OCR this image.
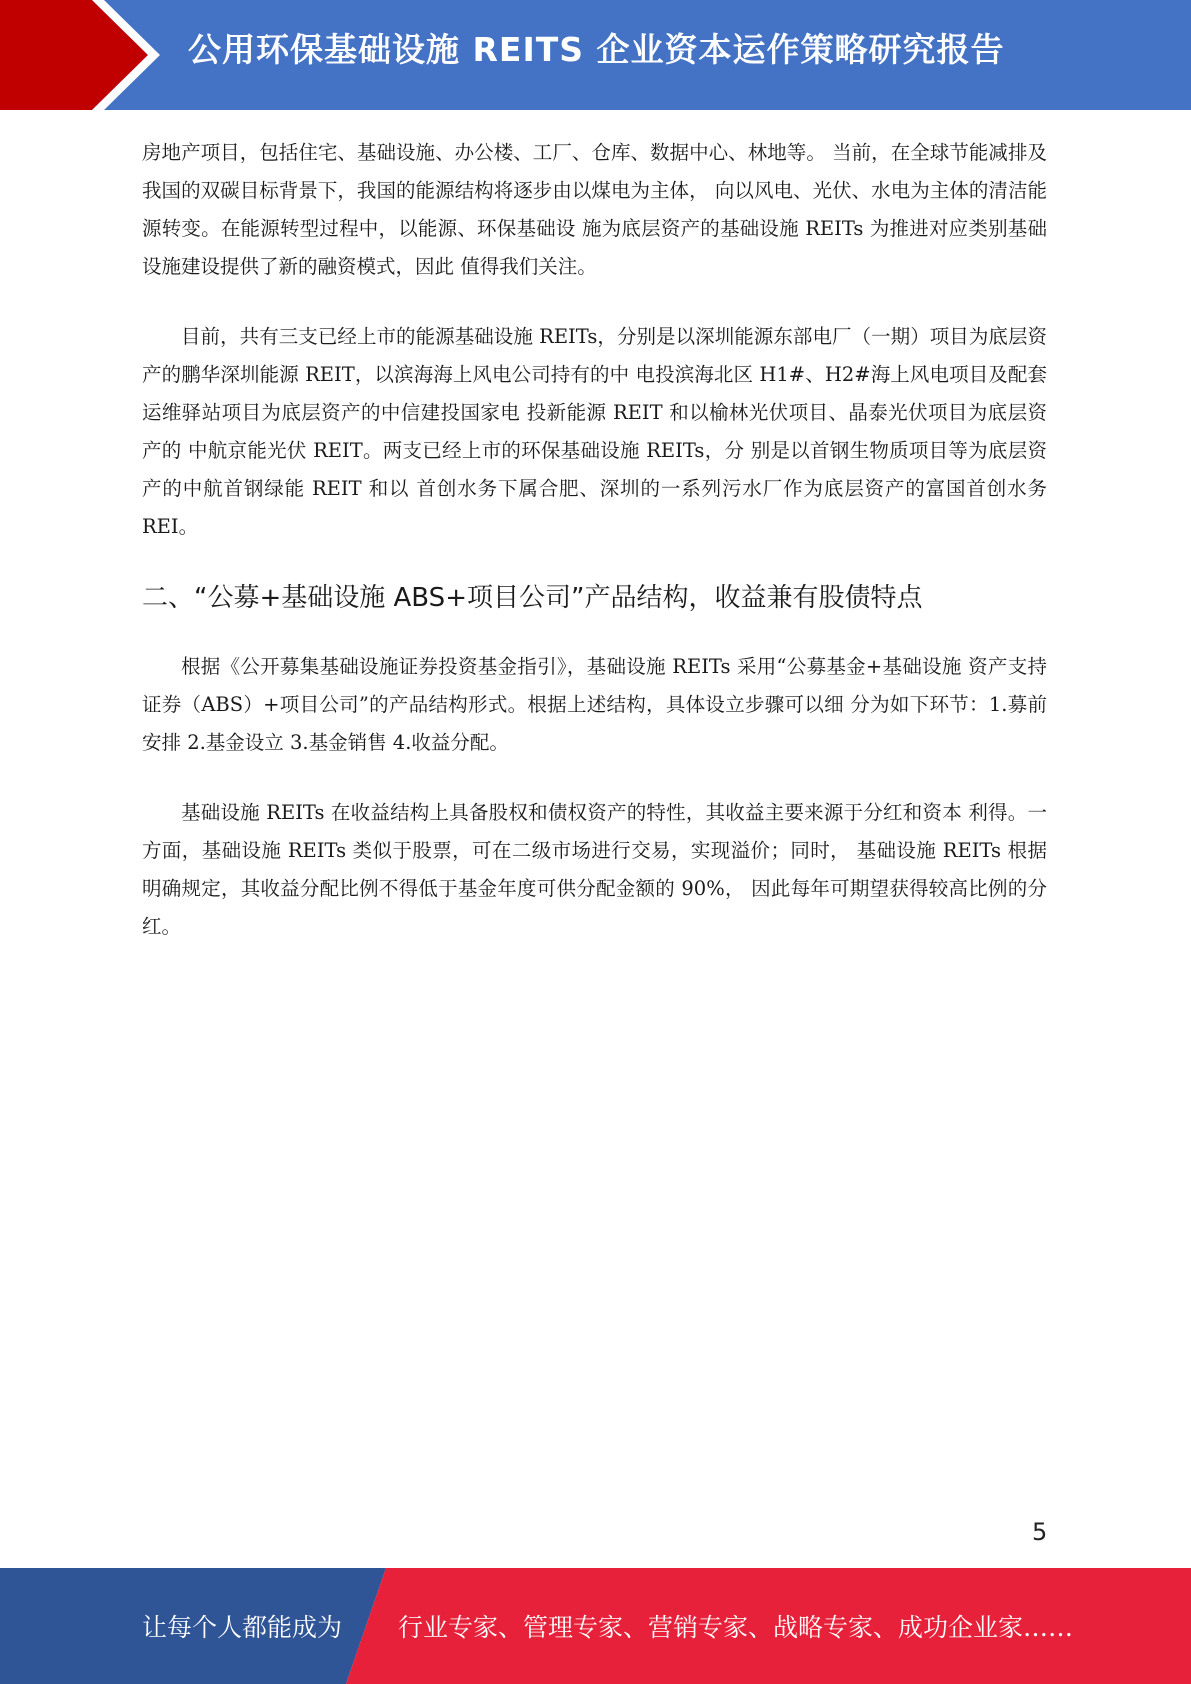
公用环保基础设施 REITS 企业资本运作策略研究报告

房地产项目，包括住宅、基础设施、办公楼、工厂、仓库、数据中心、林地等。 当前，在全球节能减排及我国的双碳目标背景下，我国的能源结构将逐步由以煤电为主体， 向以风电、光伏、水电为主体的清洁能源转变。在能源转型过程中，以能源、环保基础设 施为底层资产的基础设施 REITs 为推进对应类别基础设施建设提供了新的融资模式，因此 值得我们关注。

目前，共有三支已经上市的能源基础设施 REITs，分别是以深圳能源东部电厂（一期）项目为底层资产的鹏华深圳能源 REIT，以滨海海上风电公司持有的中 电投滨海北区 H1#、H2#海上风电项目及配套运维驿站项目为底层资产的中信建投国家电 投新能源 REIT 和以榆林光伏项目、晶泰光伏项目为底层资产的 中航京能光伏 REIT。两支已经上市的环保基础设施 REITs，分 别是以首钢生物质项目等为底层资产的中航首钢绿能 REIT 和以 首创水务下属合肥、深圳的一系列污水厂作为底层资产的富国首创水务 REI。

二、“公募+基础设施 ABS+项目公司”产品结构，收益兼有股债特点

根据《公开募集基础设施证券投资基金指引》，基础设施 REITs 采用“公募基金+基础设施 资产支持证券（ABS）+项目公司”的产品结构形式。根据上述结构，具体设立步骤可以细 分为如下环节：1.募前安排 2.基金设立 3.基金销售 4.收益分配。

基础设施 REITs 在收益结构上具备股权和债权资产的特性，其收益主要来源于分红和资本 利得。一方面，基础设施 REITs 类似于股票，可在二级市场进行交易，实现溢价；同时， 基础设施 REITs 根据明确规定，其收益分配比例不得低于基金年度可供分配金额的 90%， 因此每年可期望获得较高比例的分红。

5
让每个人都能成为 行业专家、管理专家、营销专家、战略专家、成功企业家……
